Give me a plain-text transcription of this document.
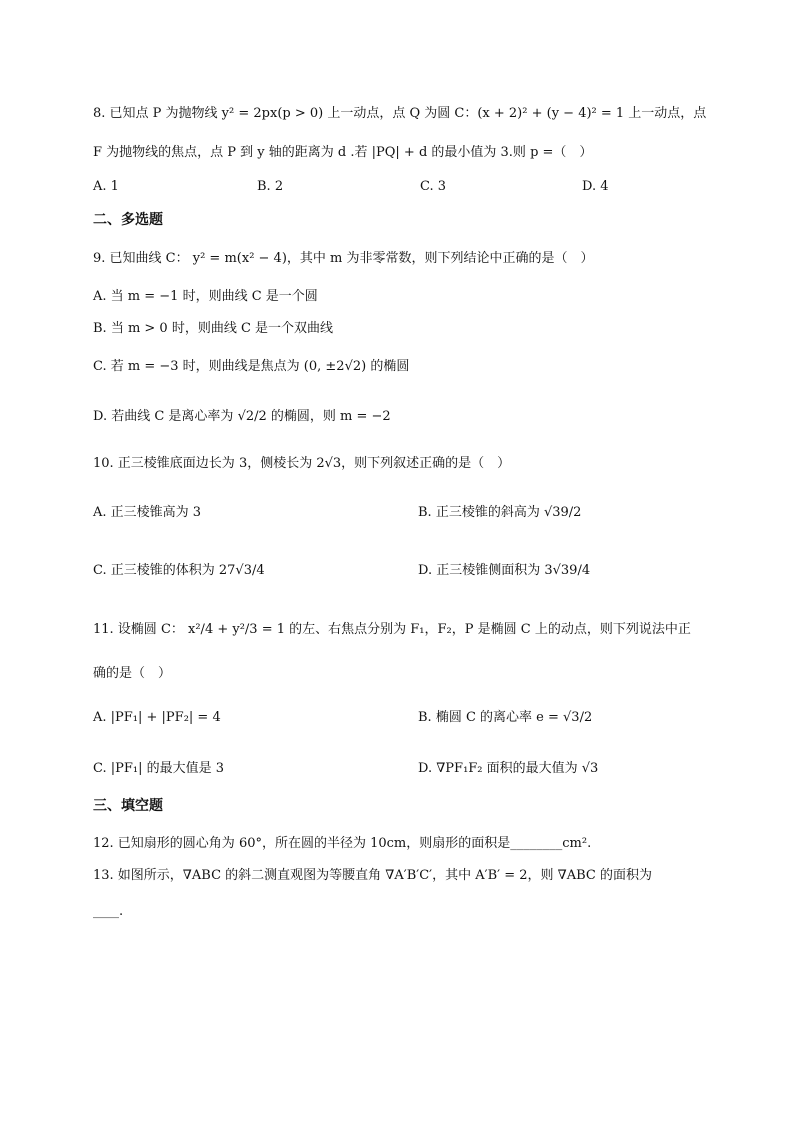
8. 已知点 P 为抛物线 y² = 2px(p > 0) 上一动点，点 Q 为圆 C：(x + 2)² + (y − 4)² = 1 上一动点，点
F 为抛物线的焦点，点 P 到 y 轴的距离为 d .若 |PQ| + d 的最小值为 3.则 p =（　）
A. 1	B. 2	C. 3	D. 4
二、多选题
9. 已知曲线 C： y² = m(x² − 4)，其中 m 为非零常数，则下列结论中正确的是（　）
A. 当 m = −1 时，则曲线 C 是一个圆
B. 当 m > 0 时，则曲线 C 是一个双曲线
C. 若 m = −3 时，则曲线是焦点为 (0, ±2√2) 的椭圆
D. 若曲线 C 是离心率为 √2/2 的椭圆，则 m = −2
10. 正三棱锥底面边长为 3，侧棱长为 2√3，则下列叙述正确的是（　）
A. 正三棱锥高为 3	B. 正三棱锥的斜高为 √39/2
C. 正三棱锥的体积为 27√3/4	D. 正三棱锥侧面积为 3√39/4
11. 设椭圆 C： x²/4 + y²/3 = 1 的左、右焦点分别为 F₁，F₂，P 是椭圆 C 上的动点，则下列说法中正
确的是（　）
A. |PF₁| + |PF₂| = 4	B. 椭圆 C 的离心率 e = √3/2
C. |PF₁| 的最大值是 3	D. ∇PF₁F₂ 面积的最大值为 √3
三、填空题
12. 已知扇形的圆心角为 60°，所在圆的半径为 10cm，则扇形的面积是________cm².
13. 如图所示，∇ABC 的斜二测直观图为等腰直角 ∇A′B′C′，其中 A′B′ = 2，则 ∇ABC 的面积为
____.
